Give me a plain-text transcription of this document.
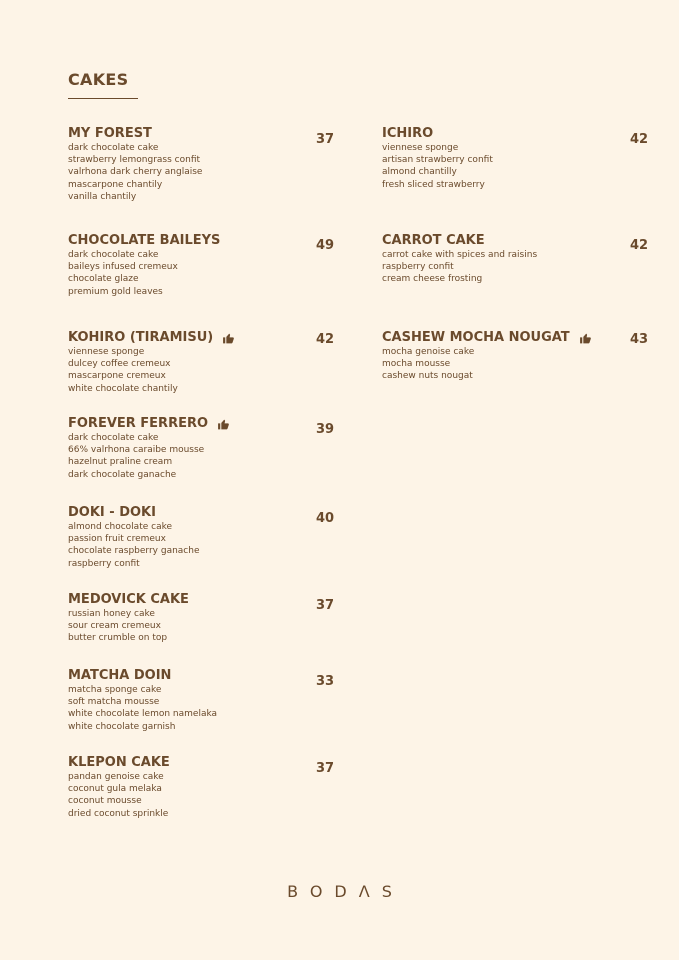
CAKES
MY FOREST
dark chocolate cake
strawberry lemongrass confit
valrhona dark cherry anglaise
mascarpone chantily
vanilla chantily
37
CHOCOLATE BAILEYS
dark chocolate cake
baileys infused cremeux
chocolate glaze
premium gold leaves
49
KOHIRO (TIRAMISU)
viennese sponge
dulcey coffee cremeux
mascarpone cremeux
white chocolate chantily
42
FOREVER FERRERO
dark chocolate cake
66% valrhona caraibe mousse
hazelnut praline cream
dark chocolate ganache
39
DOKI - DOKI
almond chocolate cake
passion fruit cremeux
chocolate raspberry ganache
raspberry confit
40
MEDOVICK CAKE
russian honey cake
sour cream cremeux
butter crumble on top
37
MATCHA DOIN
matcha sponge cake
soft matcha mousse
white chocolate lemon namelaka
white chocolate garnish
33
KLEPON CAKE
pandan genoise cake
coconut gula melaka
coconut mousse
dried coconut sprinkle
37
ICHIRO
viennese sponge
artisan strawberry confit
almond chantilly
fresh sliced strawberry
42
CARROT CAKE
carrot cake with spices and raisins
raspberry confit
cream cheese frosting
42
CASHEW MOCHA NOUGAT
mocha genoise cake
mocha mousse
cashew nuts nougat
43
BODΛS
